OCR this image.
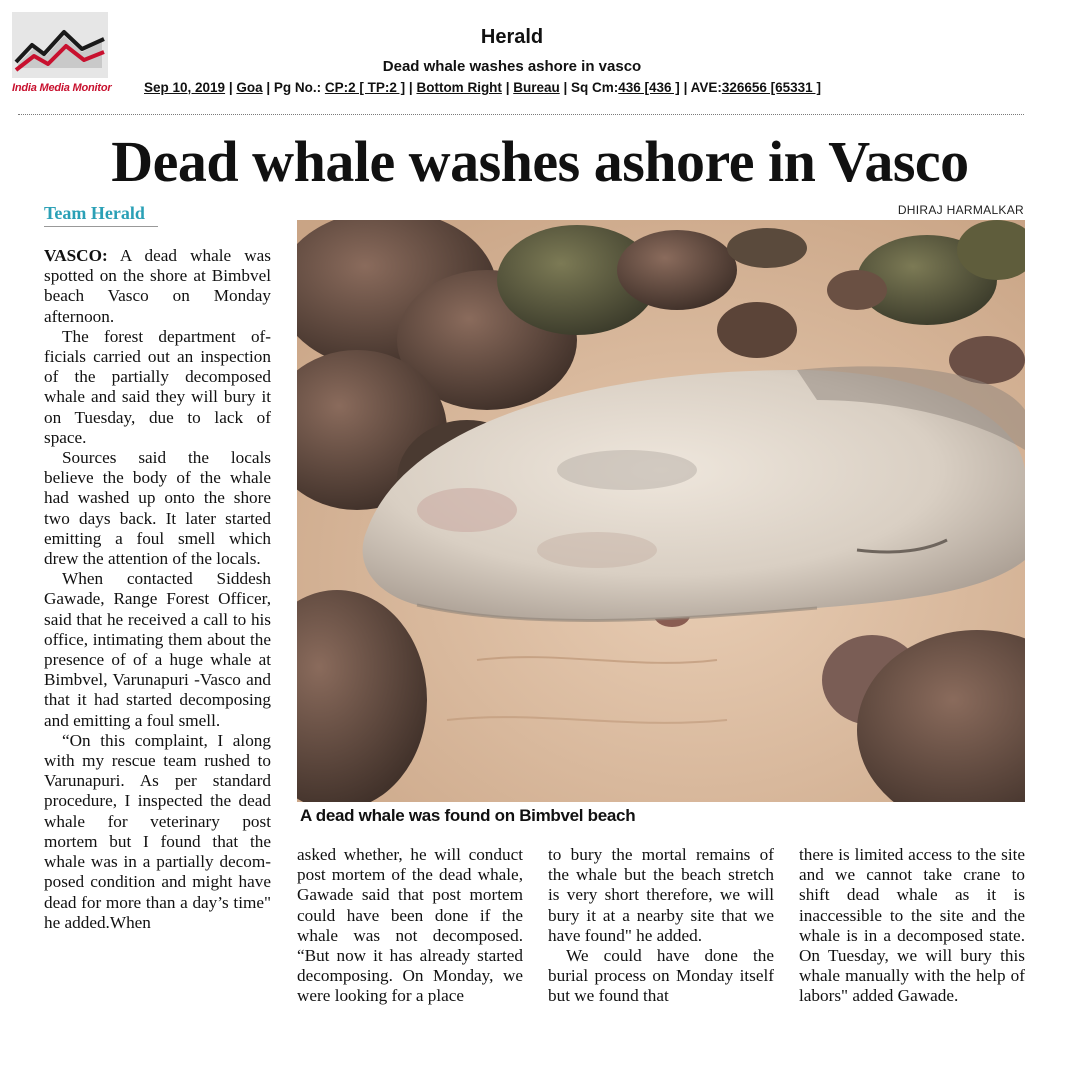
India Media Monitor
Herald
Dead whale washes ashore in vasco
Sep 10, 2019 | Goa | Pg No.: CP:2 [ TP:2 ] | Bottom Right | Bureau | Sq Cm:436 [436 ] | AVE:326656 [65331 ]
Dead whale washes ashore in Vasco
Team Herald	DHIRAJ HARMALKAR
A dead whale was found on Bimbvel beach

VASCO: A dead whale was spotted on the shore at Bimbvel beach Vasco on Monday afternoon.

The forest department officials carried out an inspection of the partially decomposed whale and said they will bury it on Tuesday, due to lack of space.

Sources said the locals believe the body of the whale had washed up onto the shore two days back. It later started emitting a foul smell which drew the attention of the locals.

When contacted Siddesh Gawade, Range Forest Officer, said that he received a call to his office, intimating them about the presence of of a huge whale at Bimbvel, Varunapuri -Vasco and that it had started decomposing and emitting a foul smell.

“On this complaint, I along with my rescue team rushed to Varunapuri. As per standard procedure, I inspected the dead whale for veterinary post mortem but I found that the whale was in a partially decomposed condition and might have dead for more than a day’s time" he added.When

asked whether, he will conduct post mortem of the dead whale, Gawade said that post mortem could have been done if the whale was not decomposed. “But now it has already started decomposing. On Monday, we were looking for a place

to bury the mortal remains of the whale but the beach stretch is very short therefore, we will bury it at a nearby site that we have found" he added.

We could have done the burial process on Monday itself but we found that

there is limited access to the site and we cannot take crane to shift dead whale as it is inaccessible to the site and the whale is in a decomposed state. On Tuesday, we will bury this whale manually with the help of labors" added Gawade.
